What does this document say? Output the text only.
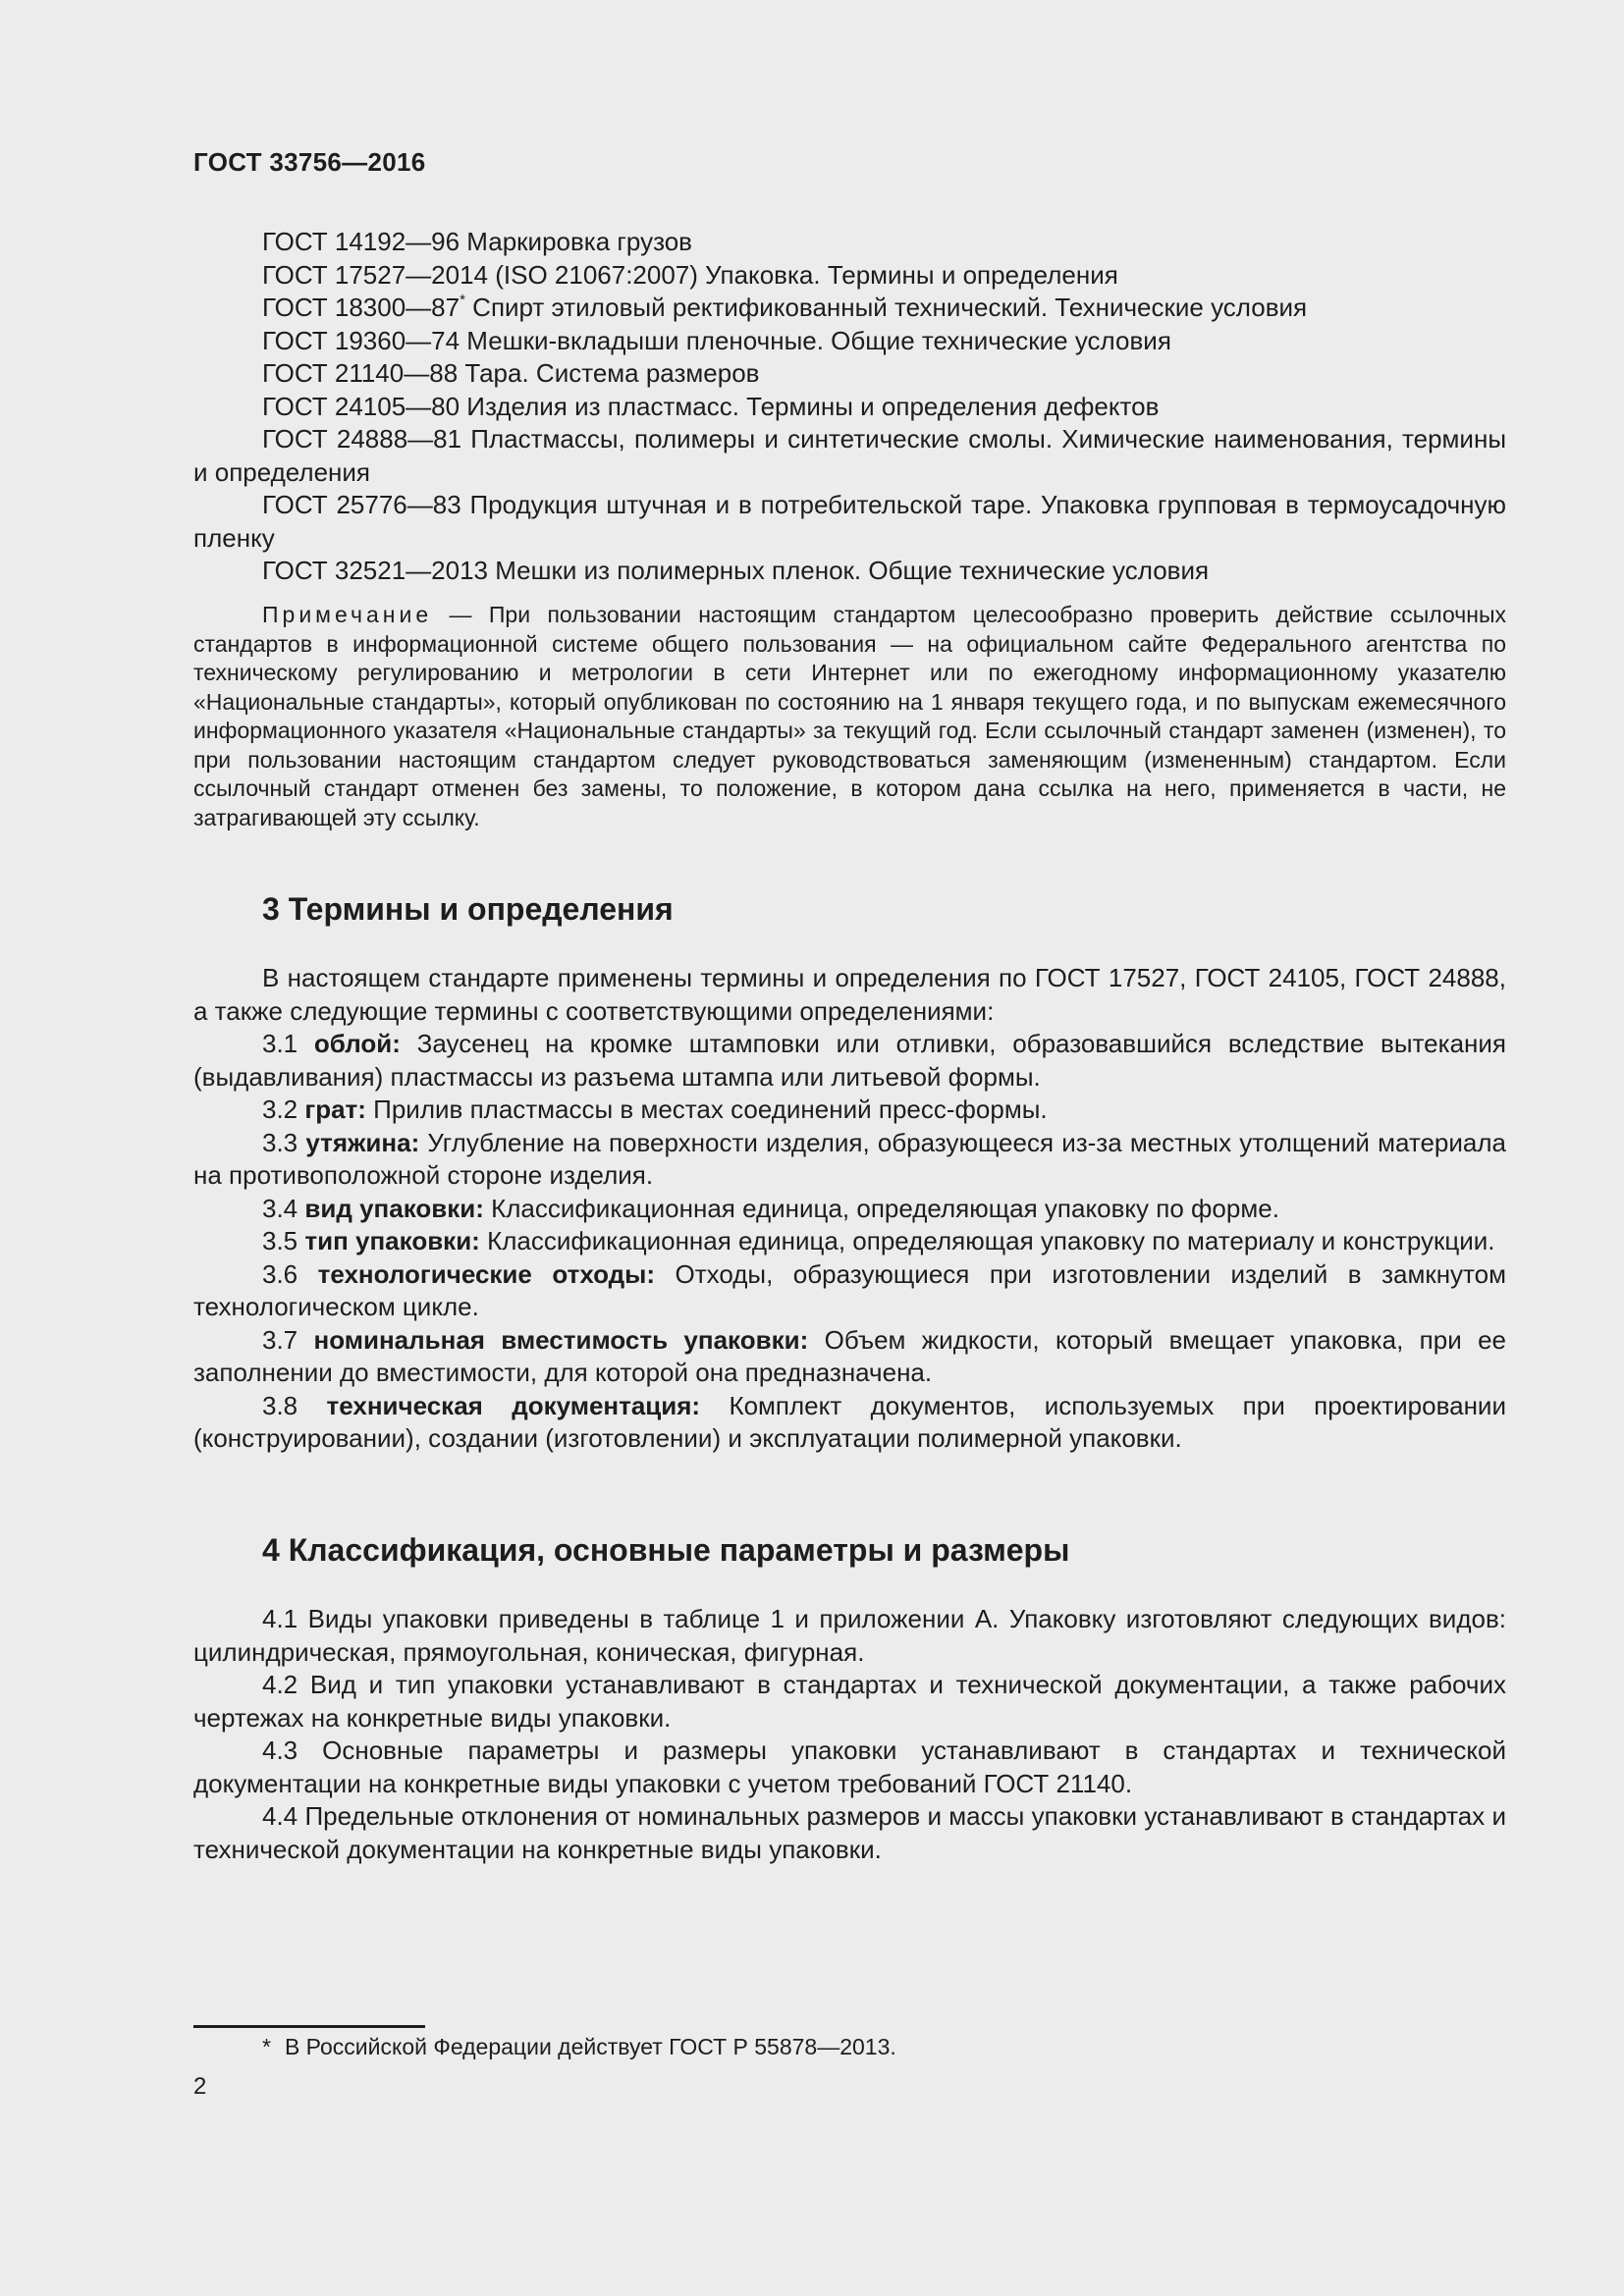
ГОСТ 33756—2016

ГОСТ 14192—96 Маркировка грузов

ГОСТ 17527—2014 (ISO 21067:2007) Упаковка. Термины и определения

ГОСТ 18300—87* Спирт этиловый ректификованный технический. Технические условия

ГОСТ 19360—74 Мешки-вкладыши пленочные. Общие технические условия

ГОСТ 21140—88 Тара. Система размеров

ГОСТ 24105—80 Изделия из пластмасс. Термины и определения дефектов

ГОСТ 24888—81 Пластмассы, полимеры и синтетические смолы. Химические наименования, термины и определения

ГОСТ 25776—83 Продукция штучная и в потребительской таре. Упаковка групповая в термоусадочную пленку

ГОСТ 32521—2013 Мешки из полимерных пленок. Общие технические условия

Примечание — При пользовании настоящим стандартом целесообразно проверить действие ссылочных стандартов в информационной системе общего пользования — на официальном сайте Федерального агентства по техническому регулированию и метрологии в сети Интернет или по ежегодному информационному указателю «Национальные стандарты», который опубликован по состоянию на 1 января текущего года, и по выпускам ежемесячного информационного указателя «Национальные стандарты» за текущий год. Если ссылочный стандарт заменен (изменен), то при пользовании настоящим стандартом следует руководствоваться заменяющим (измененным) стандартом. Если ссылочный стандарт отменен без замены, то положение, в котором дана ссылка на него, применяется в части, не затрагивающей эту ссылку.
3 Термины и определения

В настоящем стандарте применены термины и определения по ГОСТ 17527, ГОСТ 24105, ГОСТ 24888, а также следующие термины с соответствующими определениями:

3.1 облой: Заусенец на кромке штамповки или отливки, образовавшийся вследствие вытекания (выдавливания) пластмассы из разъема штампа или литьевой формы.

3.2 грат: Прилив пластмассы в местах соединений пресс-формы.

3.3 утяжина: Углубление на поверхности изделия, образующееся из-за местных утолщений материала на противоположной стороне изделия.

3.4 вид упаковки: Классификационная единица, определяющая упаковку по форме.

3.5 тип упаковки: Классификационная единица, определяющая упаковку по материалу и конструкции.

3.6 технологические отходы: Отходы, образующиеся при изготовлении изделий в замкнутом технологическом цикле.

3.7 номинальная вместимость упаковки: Объем жидкости, который вмещает упаковка, при ее заполнении до вместимости, для которой она предназначена.

3.8 техническая документация: Комплект документов, используемых при проектировании (конструировании), создании (изготовлении) и эксплуатации полимерной упаковки.

4 Классификация, основные параметры и размеры

4.1 Виды упаковки приведены в таблице 1 и приложении А. Упаковку изготовляют следующих видов: цилиндрическая, прямоугольная, коническая, фигурная.

4.2 Вид и тип упаковки устанавливают в стандартах и технической документации, а также рабочих чертежах на конкретные виды упаковки.

4.3 Основные параметры и размеры упаковки устанавливают в стандартах и технической документации на конкретные виды упаковки с учетом требований ГОСТ 21140.

4.4 Предельные отклонения от номинальных размеров и массы упаковки устанавливают в стандартах и технической документации на конкретные виды упаковки.

* В Российской Федерации действует ГОСТ Р 55878—2013.
2
